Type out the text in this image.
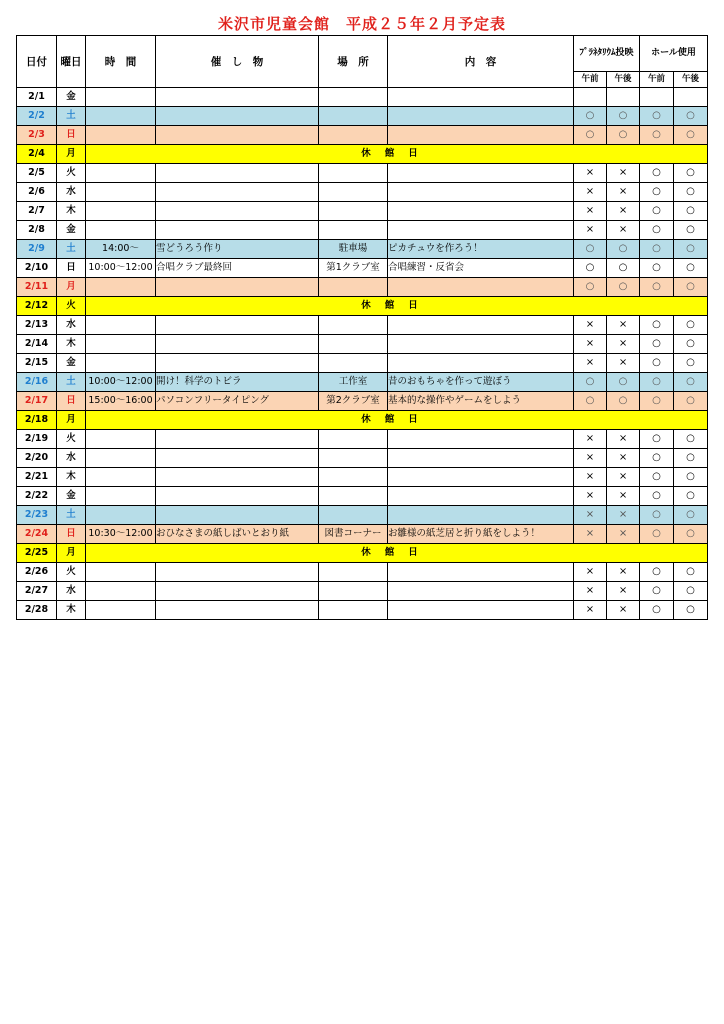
米沢市児童会館　平成２５年２月予定表
日付	曜日	時　間	催　し　物	場　所	内　容	ﾌﾟﾗﾈﾀﾘｳﾑ投映		ホール使用	
						午前	午後	午前	午後
2/1	金								
2/2	土					○	○	○	○
2/3	日					○	○	○	○
2/4	月	休館日							
2/5	火					×	×	○	○
2/6	水					×	×	○	○
2/7	木					×	×	○	○
2/8	金					×	×	○	○
2/9	土	14:00～	雪どうろう作り	駐車場	ピカチュウを作ろう！	○	○	○	○
2/10	日	10:00～12:00	合唱クラブ最終回	第1クラブ室	合唱練習・反省会	○	○	○	○
2/11	月					○	○	○	○
2/12	火	休館日							
2/13	水					×	×	○	○
2/14	木					×	×	○	○
2/15	金					×	×	○	○
2/16	土	10:00～12:00	開け！科学のトビラ	工作室	昔のおもちゃを作って遊ぼう	○	○	○	○
2/17	日	15:00～16:00	パソコンフリータイピング	第2クラブ室	基本的な操作やゲームをしよう	○	○	○	○
2/18	月	休館日							
2/19	火					×	×	○	○
2/20	水					×	×	○	○
2/21	木					×	×	○	○
2/22	金					×	×	○	○
2/23	土					×	×	○	○
2/24	日	10:30～12:00	おひなさまの紙しばいとおり紙	図書コーナー	お雛様の紙芝居と折り紙をしよう！	×	×	○	○
2/25	月	休館日							
2/26	火					×	×	○	○
2/27	水					×	×	○	○
2/28	木					×	×	○	○
